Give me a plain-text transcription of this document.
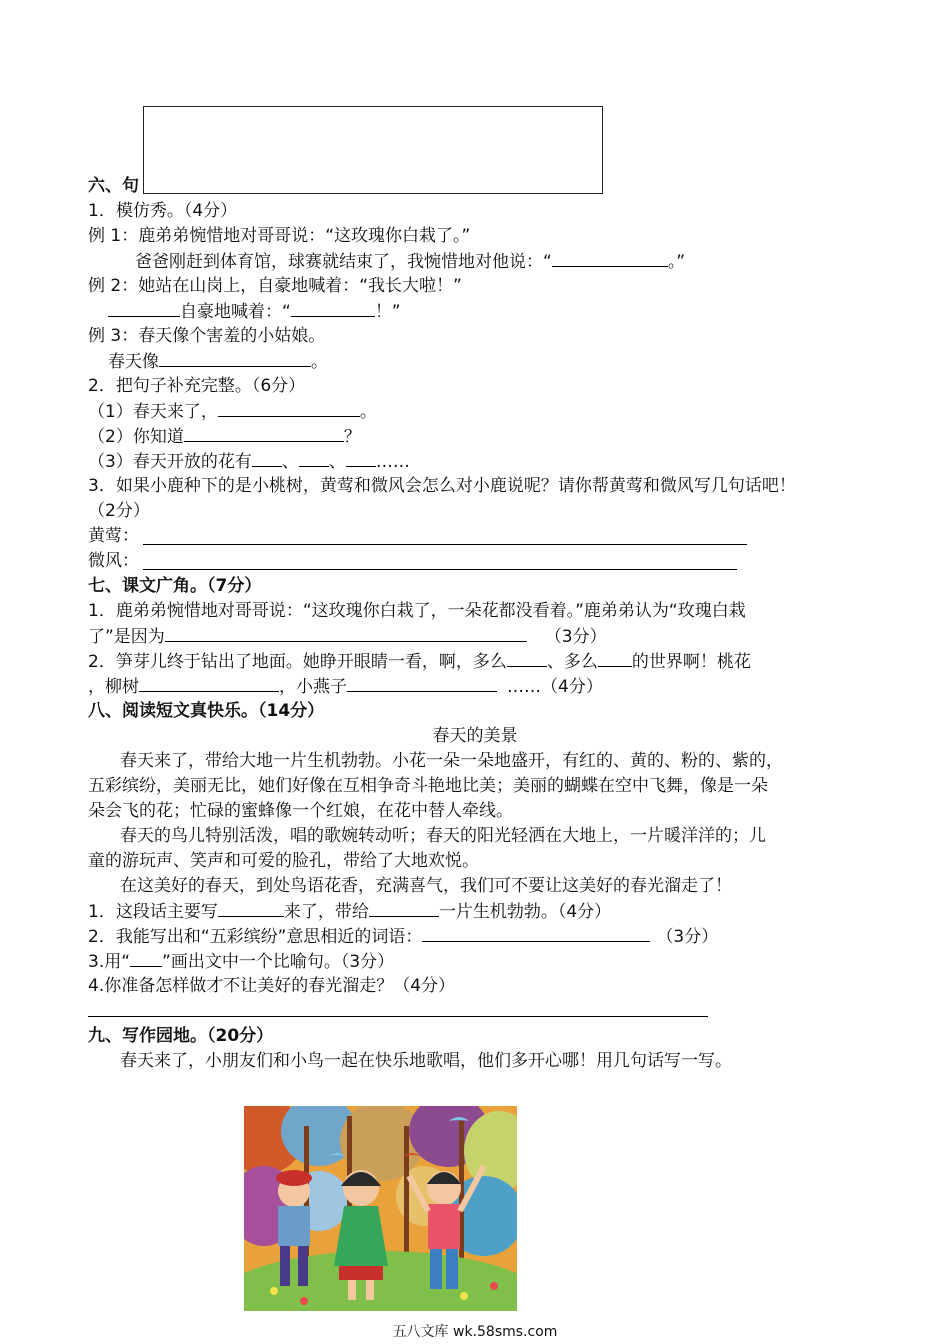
六、句
1．模仿秀。（4分）
例 1：鹿弟弟惋惜地对哥哥说：“这玫瑰你白栽了。”
爸爸刚赶到体育馆，球赛就结束了，我惋惜地对他说：“	。”
例 2：她站在山岗上，自豪地喊着：“我长大啦！”
自豪地喊着：“	！”
例 3：春天像个害羞的小姑娘。
春天像	。
2．把句子补充完整。（6分）
（1）春天来了，	。
（2）你知道	？
（3）春天开放的花有 、 、 ……
3．如果小鹿种下的是小桃树，黄莺和微风会怎么对小鹿说呢？请你帮黄莺和微风写几句话吧！
（2分）
黄莺：
微风：
七、课文广角。（7分）
1．鹿弟弟惋惜地对哥哥说：“这玫瑰你白栽了，一朵花都没看着。”鹿弟弟认为“玫瑰白栽
了”是因为	（3分）
2．笋芽儿终于钻出了地面。她睁开眼睛一看，啊，多么 、多么 的世界啊！桃花
，柳树	，小燕子	……（4分）
八、阅读短文真快乐。（14分）
春天的美景
春天来了，带给大地一片生机勃勃。小花一朵一朵地盛开，有红的、黄的、粉的、紫的，
五彩缤纷，美丽无比，她们好像在互相争奇斗艳地比美；美丽的蝴蝶在空中飞舞，像是一朵
朵会飞的花；忙碌的蜜蜂像一个红娘，在花中替人牵线。
春天的鸟儿特别活泼，唱的歌婉转动听；春天的阳光轻洒在大地上，一片暖洋洋的；儿
童的游玩声、笑声和可爱的脸孔，带给了大地欢悦。
在这美好的春天，到处鸟语花香，充满喜气，我们可不要让这美好的春光溜走了！
1．这段话主要写	来了，带给	一片生机勃勃。（4分）
2．我能写出和“五彩缤纷”意思相近的词语：	（3分）
3.用“ ”画出文中一个比喻句。（3分）
4.你准备怎样做才不让美好的春光溜走？（4分）
九、写作园地。（20分）
春天来了，小朋友们和小鸟一起在快乐地歌唱，他们多开心哪！用几句话写一写。
五八文库 wk.58sms.com
